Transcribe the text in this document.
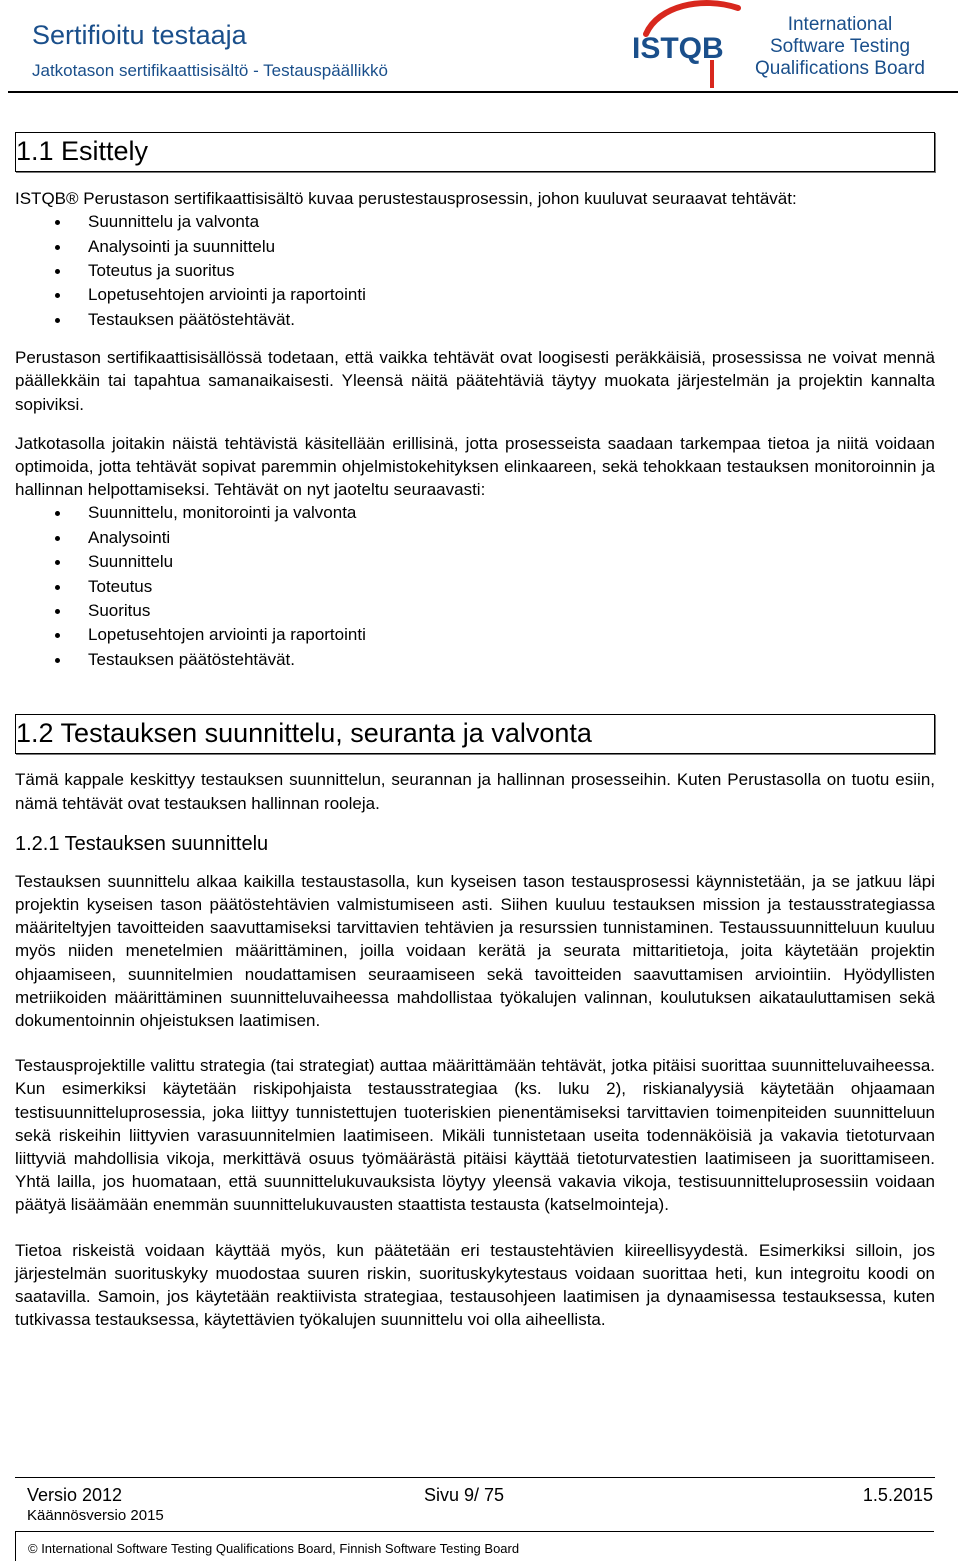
Sertifioitu testaaja
Jatkotason sertifikaattisisältö - Testauspäällikkö
ISTQB
International
Software Testing
Qualifications Board
1.1 Esittely

ISTQB® Perustason sertifikaattisisältö kuvaa perustestausprosessin, johon kuuluvat seuraavat tehtävät:

Suunnittelu ja valvonta
Analysointi ja suunnittelu
Toteutus ja suoritus
Lopetusehtojen arviointi ja raportointi
Testauksen päätöstehtävät.

Perustason sertifikaattisisällössä todetaan, että vaikka tehtävät ovat loogisesti peräkkäisiä, prosessissa ne voivat mennä päällekkäin tai tapahtua samanaikaisesti. Yleensä näitä päätehtäviä täytyy muokata järjestelmän ja projektin kannalta sopiviksi.

Jatkotasolla joitakin näistä tehtävistä käsitellään erillisinä, jotta prosesseista saadaan tarkempaa tietoa ja niitä voidaan optimoida, jotta tehtävät sopivat paremmin ohjelmistokehityksen elinkaareen, sekä tehokkaan testauksen monitoroinnin ja hallinnan helpottamiseksi. Tehtävät on nyt jaoteltu seuraavasti:

Suunnittelu, monitorointi ja valvonta
Analysointi
Suunnittelu
Toteutus
Suoritus
Lopetusehtojen arviointi ja raportointi
Testauksen päätöstehtävät.
1.2 Testauksen suunnittelu, seuranta ja valvonta

Tämä kappale keskittyy testauksen suunnittelun, seurannan ja hallinnan prosesseihin. Kuten Perustasolla on tuotu esiin, nämä tehtävät ovat testauksen hallinnan rooleja.

1.2.1 Testauksen suunnittelu

Testauksen suunnittelu alkaa kaikilla testaustasolla, kun kyseisen tason testausprosessi käynnistetään, ja se jatkuu läpi projektin kyseisen tason päätöstehtävien valmistumiseen asti. Siihen kuuluu testauksen mission ja testausstrategiassa määriteltyjen tavoitteiden saavuttamiseksi tarvittavien tehtävien ja resurssien tunnistaminen. Testaussuunnitteluun kuuluu myös niiden menetelmien määrittäminen, joilla voidaan kerätä ja seurata mittaritietoja, joita käytetään projektin ohjaamiseen, suunnitelmien noudattamisen seuraamiseen sekä tavoitteiden saavuttamisen arviointiin. Hyödyllisten metriikoiden määrittäminen suunnitteluvaiheessa mahdollistaa työkalujen valinnan, koulutuksen aikatauluttamisen sekä dokumentoinnin ohjeistuksen laatimisen.

Testausprojektille valittu strategia (tai strategiat) auttaa määrittämään tehtävät, jotka pitäisi suorittaa suunnitteluvaiheessa. Kun esimerkiksi käytetään riskipohjaista testausstrategiaa (ks. luku 2), riskianalyysiä käytetään ohjaamaan testisuunnitteluprosessia, joka liittyy tunnistettujen tuoteriskien pienentämiseksi tarvittavien toimenpiteiden suunnitteluun sekä riskeihin liittyvien varasuunnitelmien laatimiseen. Mikäli tunnistetaan useita todennäköisiä ja vakavia tietoturvaan liittyviä mahdollisia vikoja, merkittävä osuus työmäärästä pitäisi käyttää tietoturvatestien laatimiseen ja suorittamiseen. Yhtä lailla, jos huomataan, että suunnittelukuvauksista löytyy yleensä vakavia vikoja, testisuunnitteluprosessiin voidaan päätyä lisäämään enemmän suunnittelukuvausten staattista testausta (katselmointeja).

Tietoa riskeistä voidaan käyttää myös, kun päätetään eri testaustehtävien kiireellisyydestä. Esimerkiksi silloin, jos järjestelmän suorituskyky muodostaa suuren riskin, suorituskykytestaus voidaan suorittaa heti, kun integroitu koodi on saatavilla. Samoin, jos käytetään reaktiivista strategiaa, testausohjeen laatimisen ja dynaamisessa testauksessa, kuten tutkivassa testauksessa, käytettävien työkalujen suunnittelu voi olla aiheellista.

Versio 2012	Sivu 9/ 75	1.5.2015
Käännösversio 2015
© International Software Testing Qualifications Board, Finnish Software Testing Board
